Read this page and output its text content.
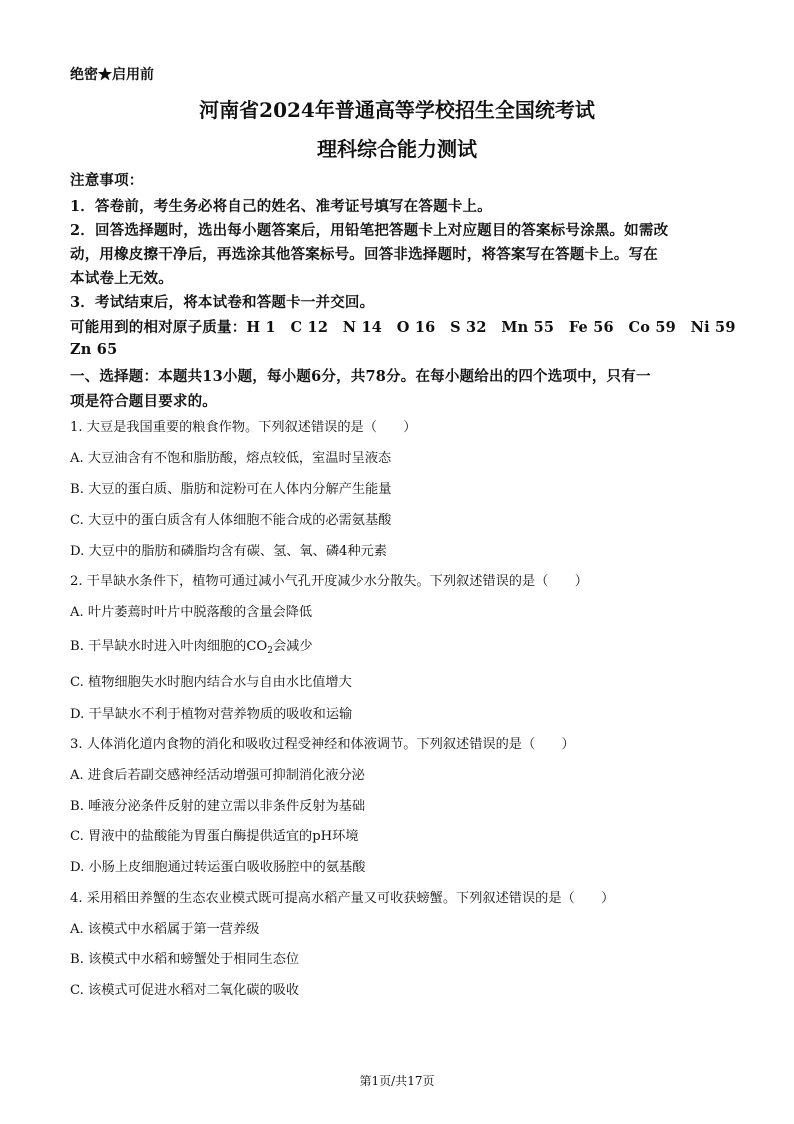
绝密★启用前
河南省2024年普通高等学校招生全国统考试
理科综合能力测试
注意事项：
1．答卷前，考生务必将自己的姓名、准考证号填写在答题卡上。
2．回答选择题时，选出每小题答案后，用铅笔把答题卡上对应题目的答案标号涂黑。如需改
动，用橡皮擦干净后，再选涂其他答案标号。回答非选择题时，将答案写在答题卡上。写在
本试卷上无效。
3．考试结束后，将本试卷和答题卡一并交回。
可能用到的相对原子质量：H 1　C 12　N 14　O 16　S 32　Mn 55　Fe 56　Co 59　Ni 59
Zn 65
一、选择题：本题共13小题，每小题6分，共78分。在每小题给出的四个选项中，只有一
项是符合题目要求的。
1. 大豆是我国重要的粮食作物。下列叙述错误的是（　　）
A. 大豆油含有不饱和脂肪酸，熔点较低，室温时呈液态
B. 大豆的蛋白质、脂肪和淀粉可在人体内分解产生能量
C. 大豆中的蛋白质含有人体细胞不能合成的必需氨基酸
D. 大豆中的脂肪和磷脂均含有碳、氢、氧、磷4种元素
2. 干旱缺水条件下，植物可通过减小气孔开度减少水分散失。下列叙述错误的是（　　）
A. 叶片萎蔫时叶片中脱落酸的含量会降低
B. 干旱缺水时进入叶肉细胞的$CO_2$会减少
C. 植物细胞失水时胞内结合水与自由水比值增大
D. 干旱缺水不利于植物对营养物质的吸收和运输
3. 人体消化道内食物的消化和吸收过程受神经和体液调节。下列叙述错误的是（　　）
A. 进食后若副交感神经活动增强可抑制消化液分泌
B. 唾液分泌条件反射的建立需以非条件反射为基础
C. 胃液中的盐酸能为胃蛋白酶提供适宜的pH环境
D. 小肠上皮细胞通过转运蛋白吸收肠腔中的氨基酸
4. 采用稻田养蟹的生态农业模式既可提高水稻产量又可收获螃蟹。下列叙述错误的是（　　）
A. 该模式中水稻属于第一营养级
B. 该模式中水稻和螃蟹处于相同生态位
C. 该模式可促进水稻对二氧化碳的吸收
第1页/共17页
